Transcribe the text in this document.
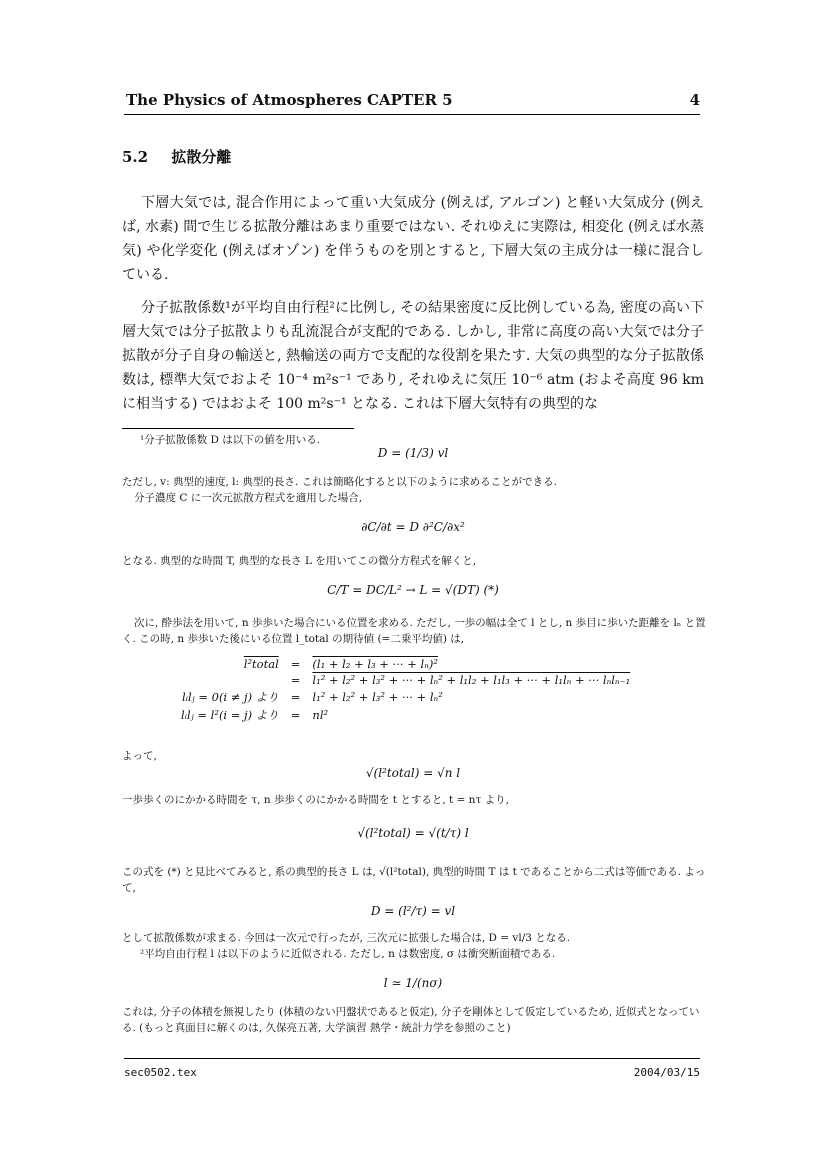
The Physics of Atmospheres CAPTER 5	4
5.2 拡散分離
下層大気では, 混合作用によって重い大気成分 (例えば, アルゴン) と軽い大気成分 (例えば, 水素) 間で生じる拡散分離はあまり重要ではない. それゆえに実際は, 相変化 (例えば水蒸気) や化学変化 (例えばオゾン) を伴うものを別とすると, 下層大気の主成分は一様に混合している.
分子拡散係数¹が平均自由行程²に比例し, その結果密度に反比例している為, 密度の高い下層大気では分子拡散よりも乱流混合が支配的である. しかし, 非常に高度の高い大気では分子拡散が分子自身の輸送と, 熱輸送の両方で支配的な役割を果たす. 大気の典型的な分子拡散係数は, 標準大気でおよそ 10⁻⁴ m²s⁻¹ であり, それゆえに気圧 10⁻⁶ atm (およそ高度 96 km に相当する) ではおよそ 100 m²s⁻¹ となる. これは下層大気特有の典型的な
¹分子拡散係数 D は以下の値を用いる.
D = (1/3) vl
ただし, v: 典型的速度, l: 典型的長さ. これは簡略化すると以下のように求めることができる.
分子濃度 C に一次元拡散方程式を適用した場合,
∂C/∂t = D ∂²C/∂x²
となる. 典型的な時間 T, 典型的な長さ L を用いてこの微分方程式を解くと,
C/T = DC/L² → L = √(DT) (*)
次に, 酔歩法を用いて, n 歩歩いた場合にいる位置を求める. ただし, 一歩の幅は全て l とし, n 歩目に歩いた距離を lₙ と置く. この時, n 歩歩いた後にいる位置 l_total の期待値 (=二乗平均値) は,
l²total	=	(l₁ + l₂ + l₃ + ··· + lₙ)²
	=	l₁² + l₂² + l₃² + ··· + lₙ² + l₁l₂ + l₁l₃ + ··· + l₁lₙ + ··· lₙlₙ₋₁
lᵢlⱼ = 0(i ≠ j) より	=	l₁² + l₂² + l₃² + ··· + lₙ²
lᵢlⱼ = l²(i = j) より	=	nl²
よって,
√(l²total) = √n l
一歩歩くのにかかる時間を τ, n 歩歩くのにかかる時間を t とすると, t = nτ より,
√(l²total) = √(t/τ) l
この式を (*) と見比べてみると, 系の典型的長さ L は, √(l²total), 典型的時間 T は t であることから二式は等価である. よって,
D = (l²/τ) = vl
として拡散係数が求まる. 今回は一次元で行ったが, 三次元に拡張した場合は, D = vl/3 となる.
²平均自由行程 l は以下のように近似される. ただし, n は数密度, σ は衝突断面積である.
l ≃ 1/(nσ)
これは, 分子の体積を無視したり (体積のない円盤状であると仮定), 分子を剛体として仮定しているため, 近似式となっている. (もっと真面目に解くのは, 久保亮五著, 大学演習 熱学・統計力学を参照のこと)
sec0502.tex	2004/03/15
